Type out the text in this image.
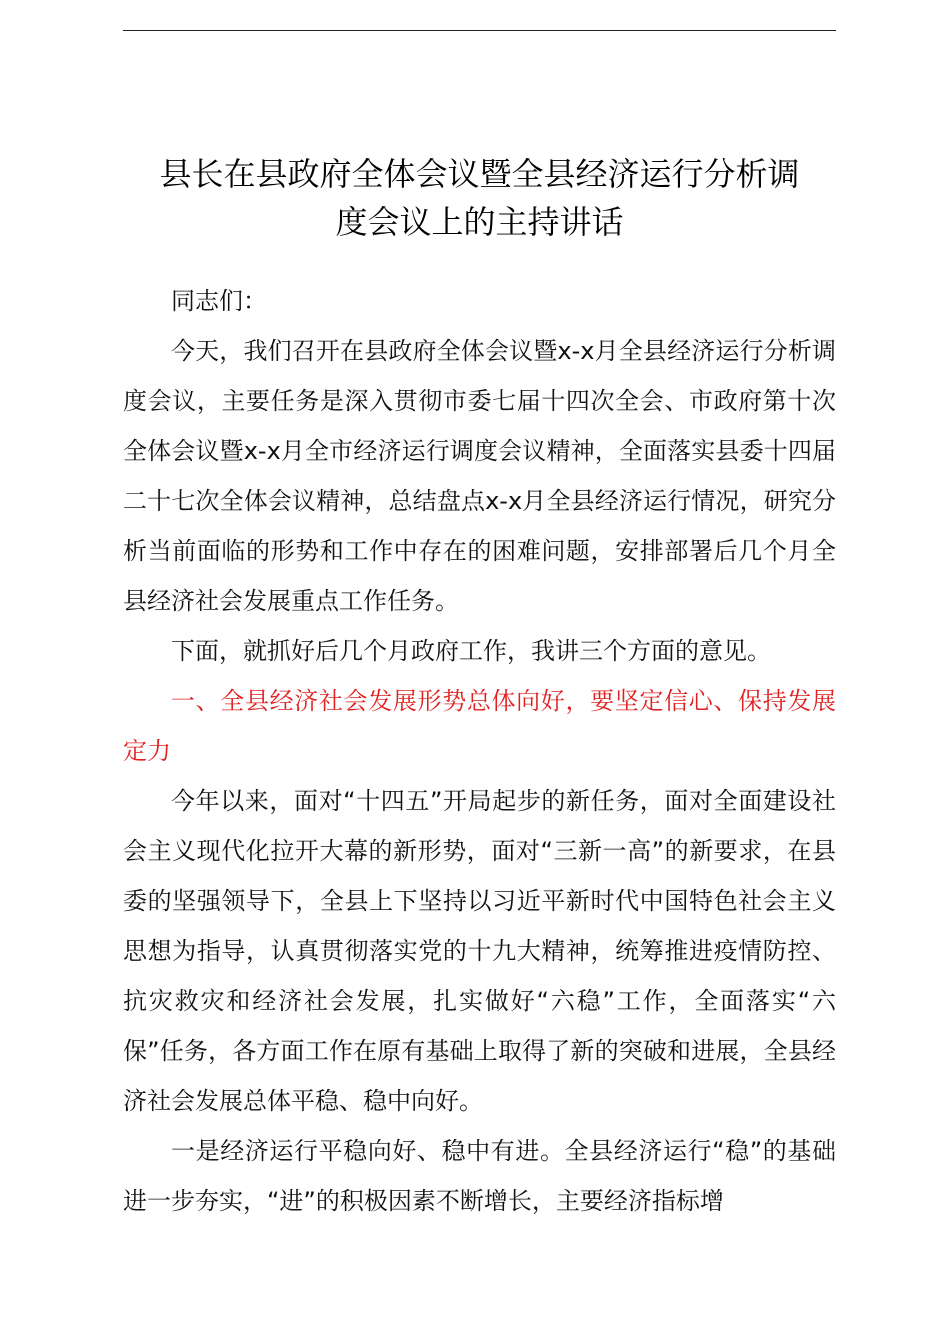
县长在县政府全体会议暨全县经济运行分析调
度会议上的主持讲话

同志们：

今天，我们召开在县政府全体会议暨x-x月全县经济运行分析调度会议，主要任务是深入贯彻市委七届十四次全会、市政府第十次全体会议暨x-x月全市经济运行调度会议精神，全面落实县委十四届二十七次全体会议精神，总结盘点x-x月全县经济运行情况，研究分析当前面临的形势和工作中存在的困难问题，安排部署后几个月全县经济社会发展重点工作任务。

下面，就抓好后几个月政府工作，我讲三个方面的意见。

一、全县经济社会发展形势总体向好，要坚定信心、保持发展定力

今年以来，面对“十四五”开局起步的新任务，面对全面建设社会主义现代化拉开大幕的新形势，面对“三新一高”的新要求，在县委的坚强领导下，全县上下坚持以习近平新时代中国特色社会主义思想为指导，认真贯彻落实党的十九大精神，统筹推进疫情防控、抗灾救灾和经济社会发展，扎实做好“六稳”工作，全面落实“六保”任务，各方面工作在原有基础上取得了新的突破和进展，全县经济社会发展总体平稳、稳中向好。

一是经济运行平稳向好、稳中有进。全县经济运行“稳”的基础进一步夯实，“进”的积极因素不断增长，主要经济指标增
